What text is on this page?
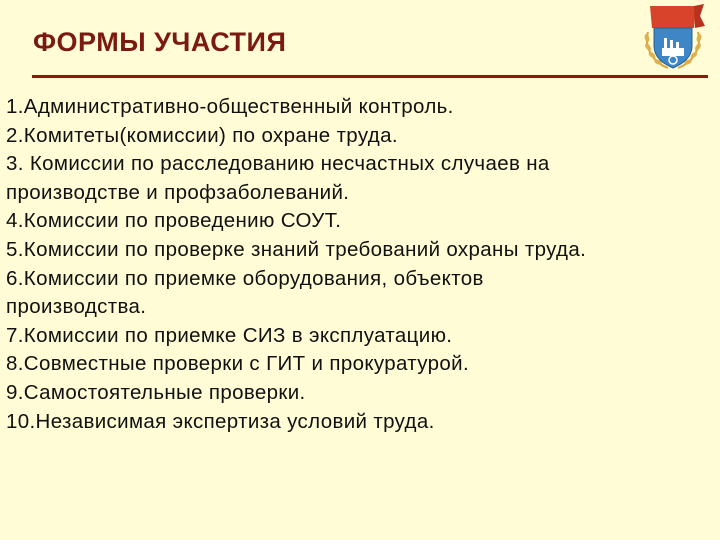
ФОРМЫ УЧАСТИЯ
1.Административно-общественный контроль.
2.Комитеты(комиссии) по охране труда.
3. Комиссии по расследованию несчастных случаев на
производстве и профзаболеваний.
4.Комиссии по проведению СОУТ.
5.Комиссии по проверке знаний требований охраны труда.
6.Комиссии по приемке оборудования, объектов
производства.
7.Комиссии по приемке СИЗ в эксплуатацию.
8.Совместные проверки с ГИТ и прокуратурой.
9.Самостоятельные проверки.
10.Независимая экспертиза условий труда.
